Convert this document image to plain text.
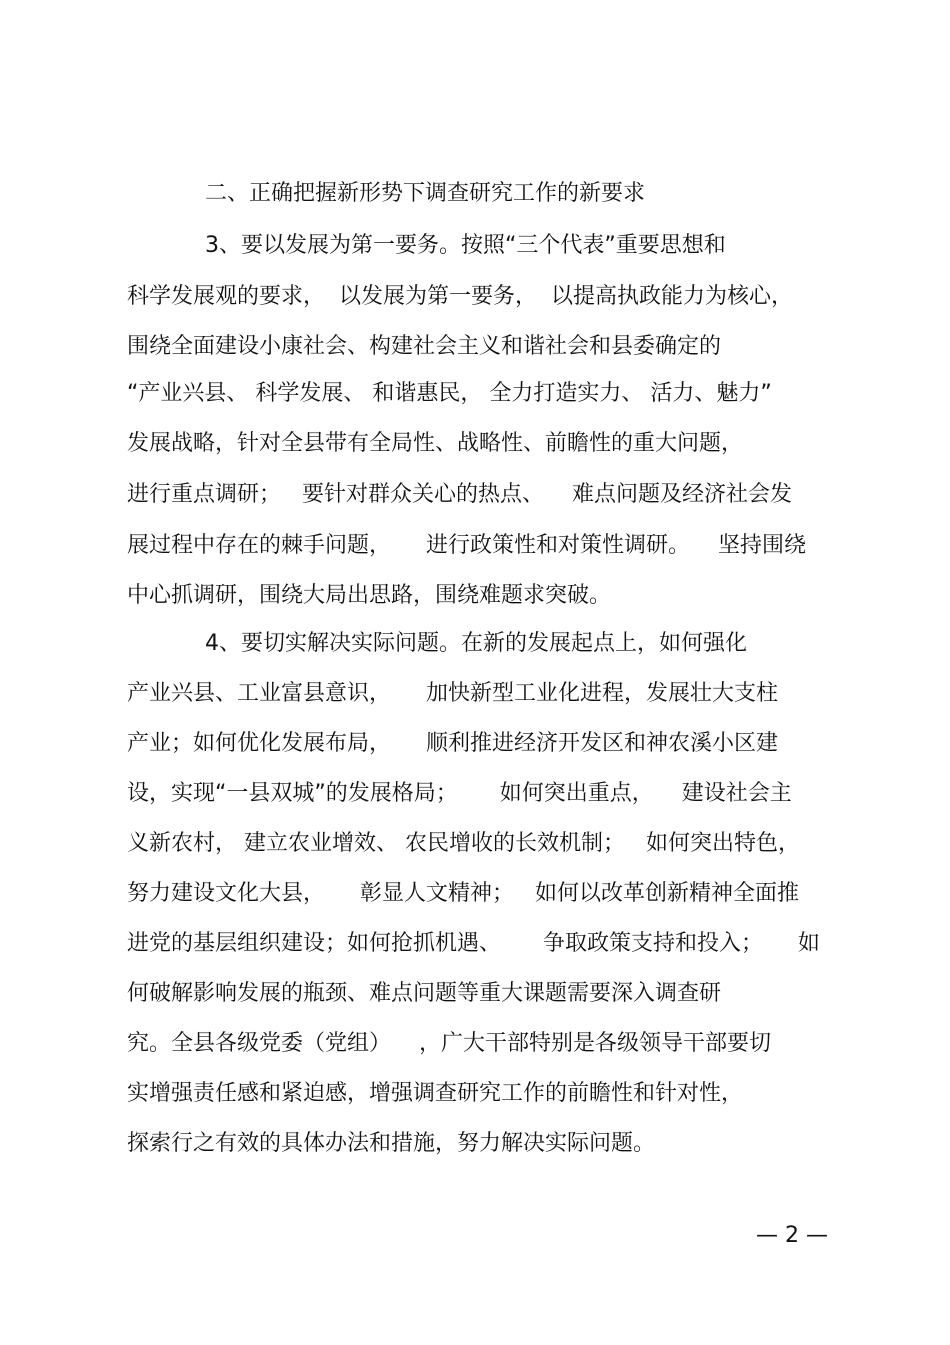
二、正确把握新形势下调查研究工作的新要求
3、要以发展为第一要务。按照“三个代表”重要思想和
科学发展观的要求，  以发展为第一要务，  以提高执政能力为核心，
围绕全面建设小康社会、构建社会主义和谐社会和县委确定的
“产业兴县、 科学发展、 和谐惠民， 全力打造实力、 活力、魅力”
发展战略，针对全县带有全局性、战略性、前瞻性的重大问题，
进行重点调研；   要针对群众关心的热点、    难点问题及经济社会发
展过程中存在的棘手问题，     进行政策性和对策性调研。    坚持围绕
中心抓调研，围绕大局出思路，围绕难题求突破。
4、要切实解决实际问题。在新的发展起点上，如何强化
产业兴县、工业富县意识，     加快新型工业化进程，发展壮大支柱
产业；如何优化发展布局，     顺利推进经济开发区和神农溪小区建
设，实现“一县双城”的发展格局；      如何突出重点，    建设社会主
义新农村， 建立农业增效、 农民增收的长效机制；   如何突出特色，
努力建设文化大县，     彰显人文精神；   如何以改革创新精神全面推
进党的基层组织建设；如何抢抓机遇、      争取政策支持和投入；     如
何破解影响发展的瓶颈、难点问题等重大课题需要深入调查研
究。全县各级党委（党组）    ，广大干部特别是各级领导干部要切
实增强责任感和紧迫感，增强调查研究工作的前瞻性和针对性，
探索行之有效的具体办法和措施，努力解决实际问题。
— 2 —
